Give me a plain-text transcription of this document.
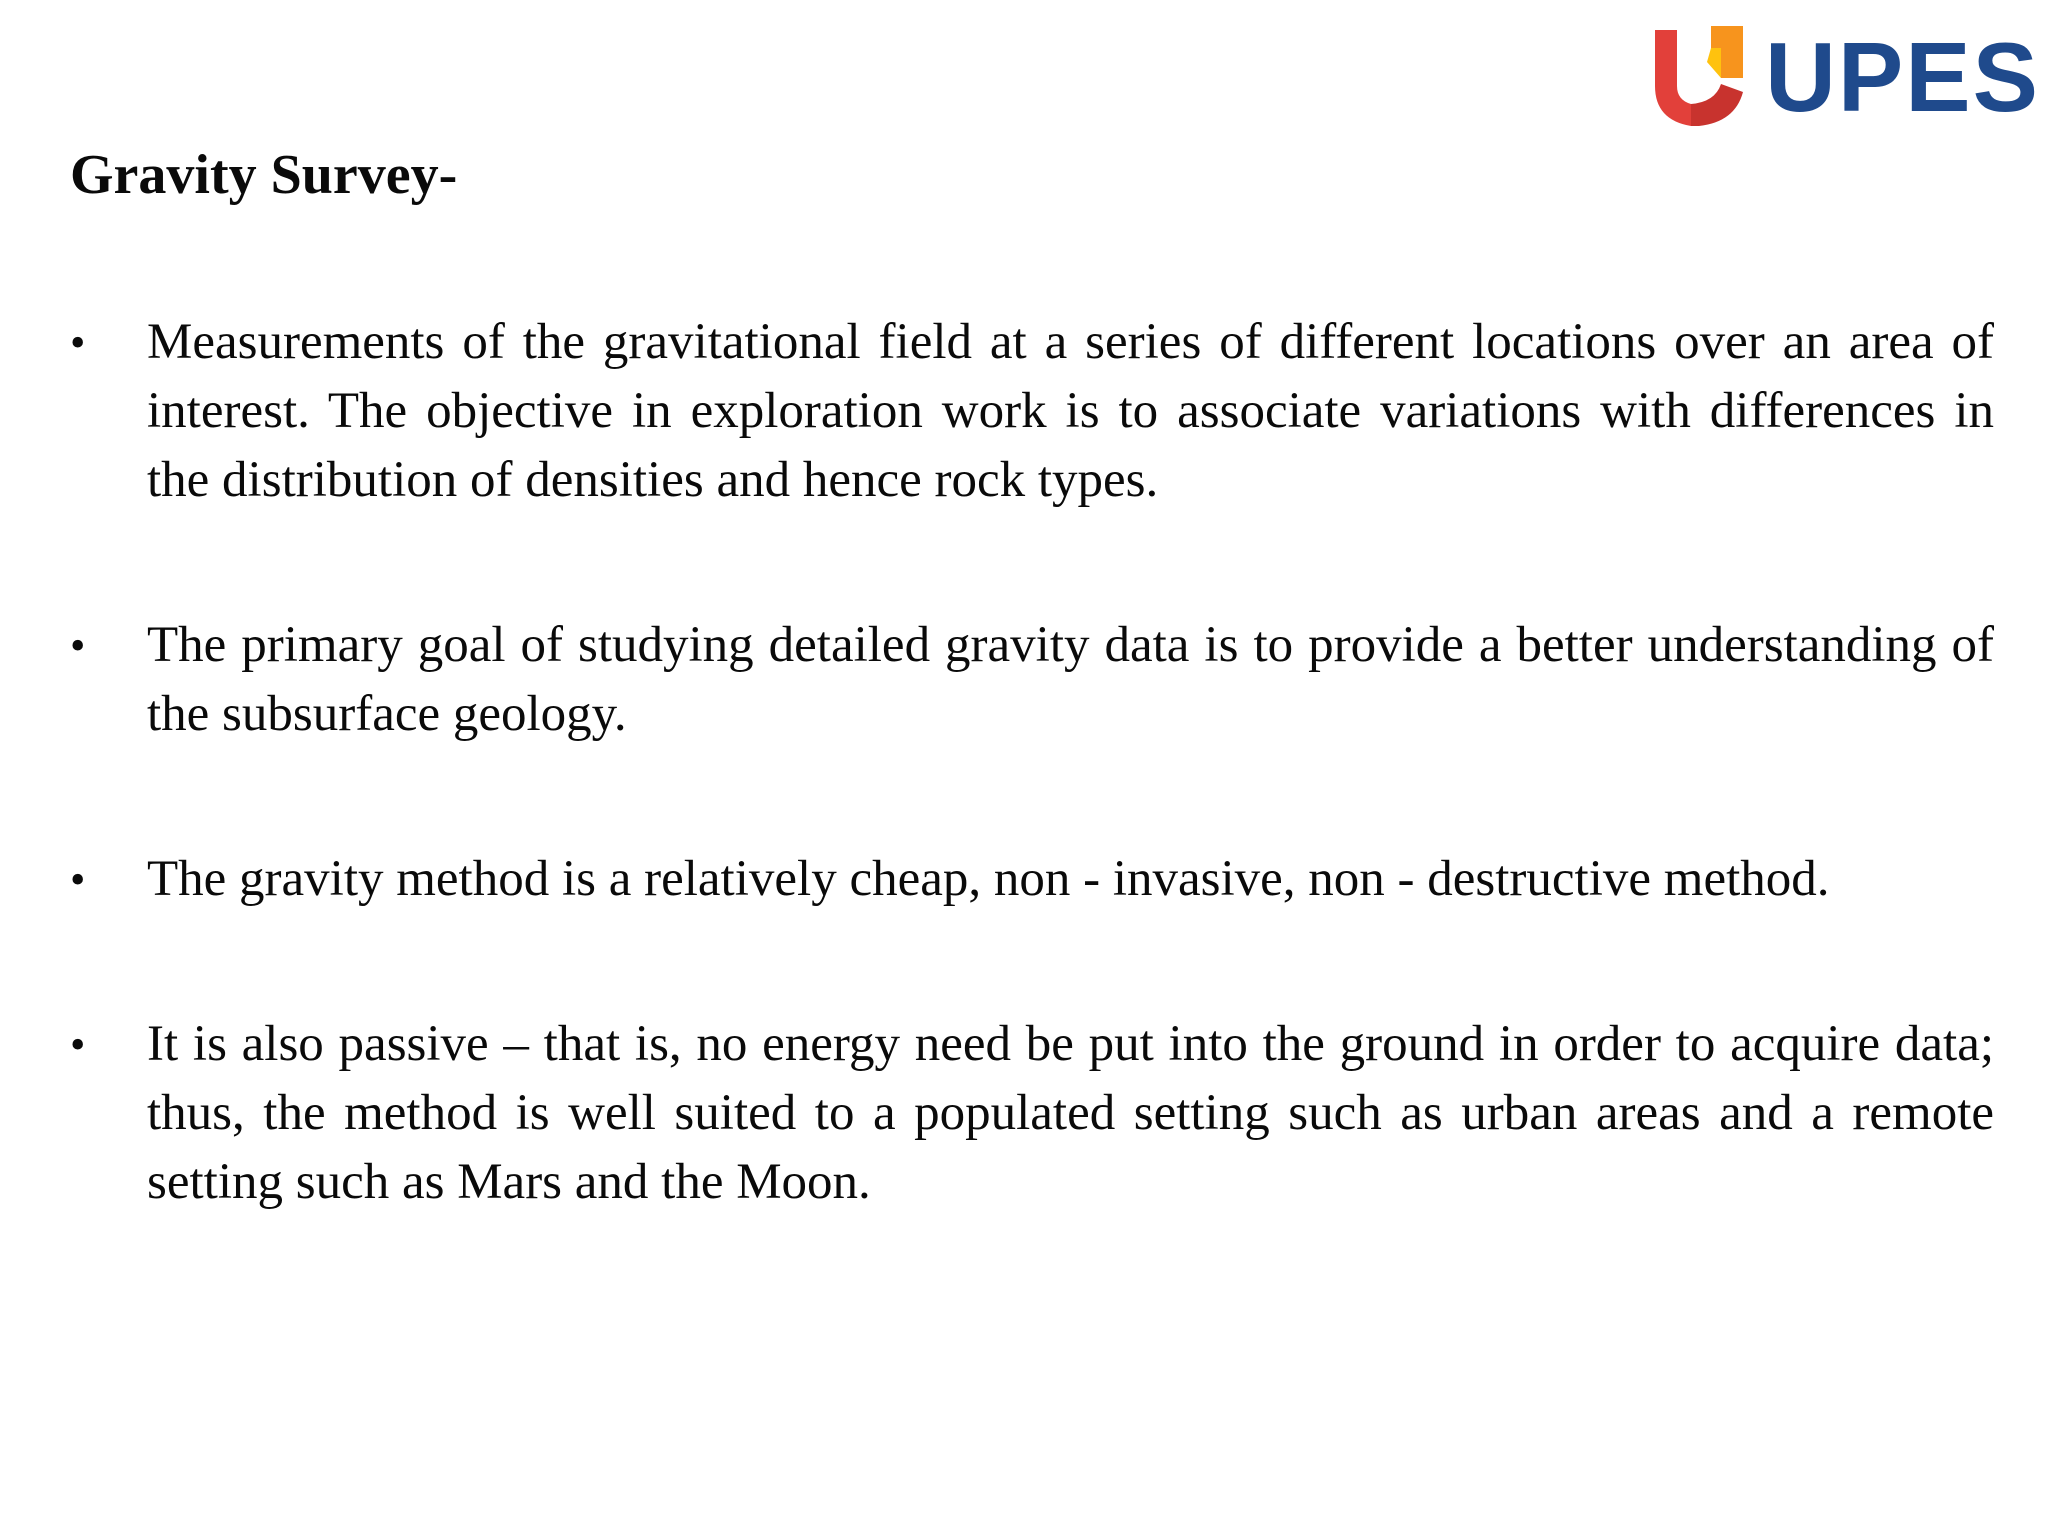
UPES
Gravity Survey-
•	Measurements of the gravitational field at a series of different locations over an area of interest. The objective in exploration work is to associate variations with differences in the distribution of densities and hence rock types.
•	The primary goal of studying detailed gravity data is to provide a better understanding of the subsurface geology.
•	The gravity method is a relatively cheap, non - invasive, non - destructive method.
•	It is also passive – that is, no energy need be put into the ground in order to acquire data; thus, the method is well suited to a populated setting such as urban areas and a remote setting such as Mars and the Moon.
